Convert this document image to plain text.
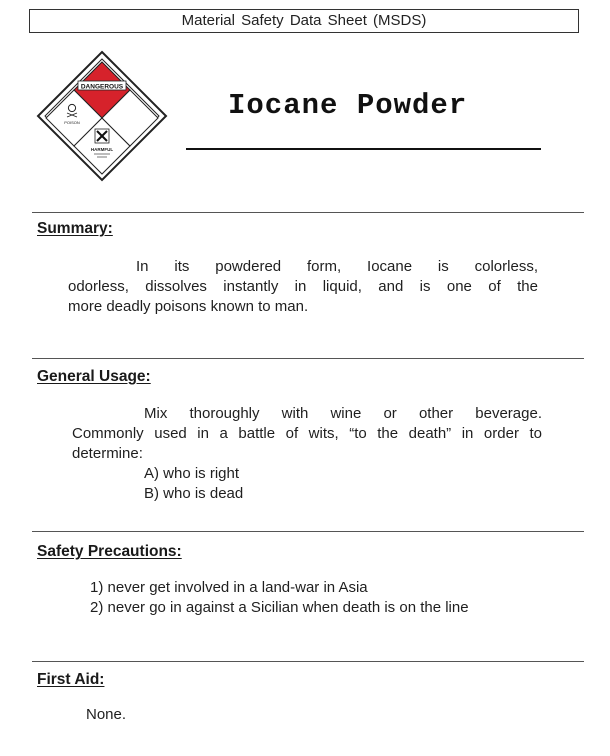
Material Safety Data Sheet (MSDS)
DANGEROUS
POISON
HARMFUL
Iocane Powder
Summary:
In its powdered form, Iocane is colorless,
odorless, dissolves instantly in liquid, and is one of the
more deadly poisons known to man.
General Usage:
Mix thoroughly with wine or other beverage.
Commonly used in a battle of wits, “to the death” in order to
determine:
A) who is right
B) who is dead
Safety Precautions:
1) never get involved in a land-war in Asia
2) never go in against a Sicilian when death is on the line
First Aid:
None.
